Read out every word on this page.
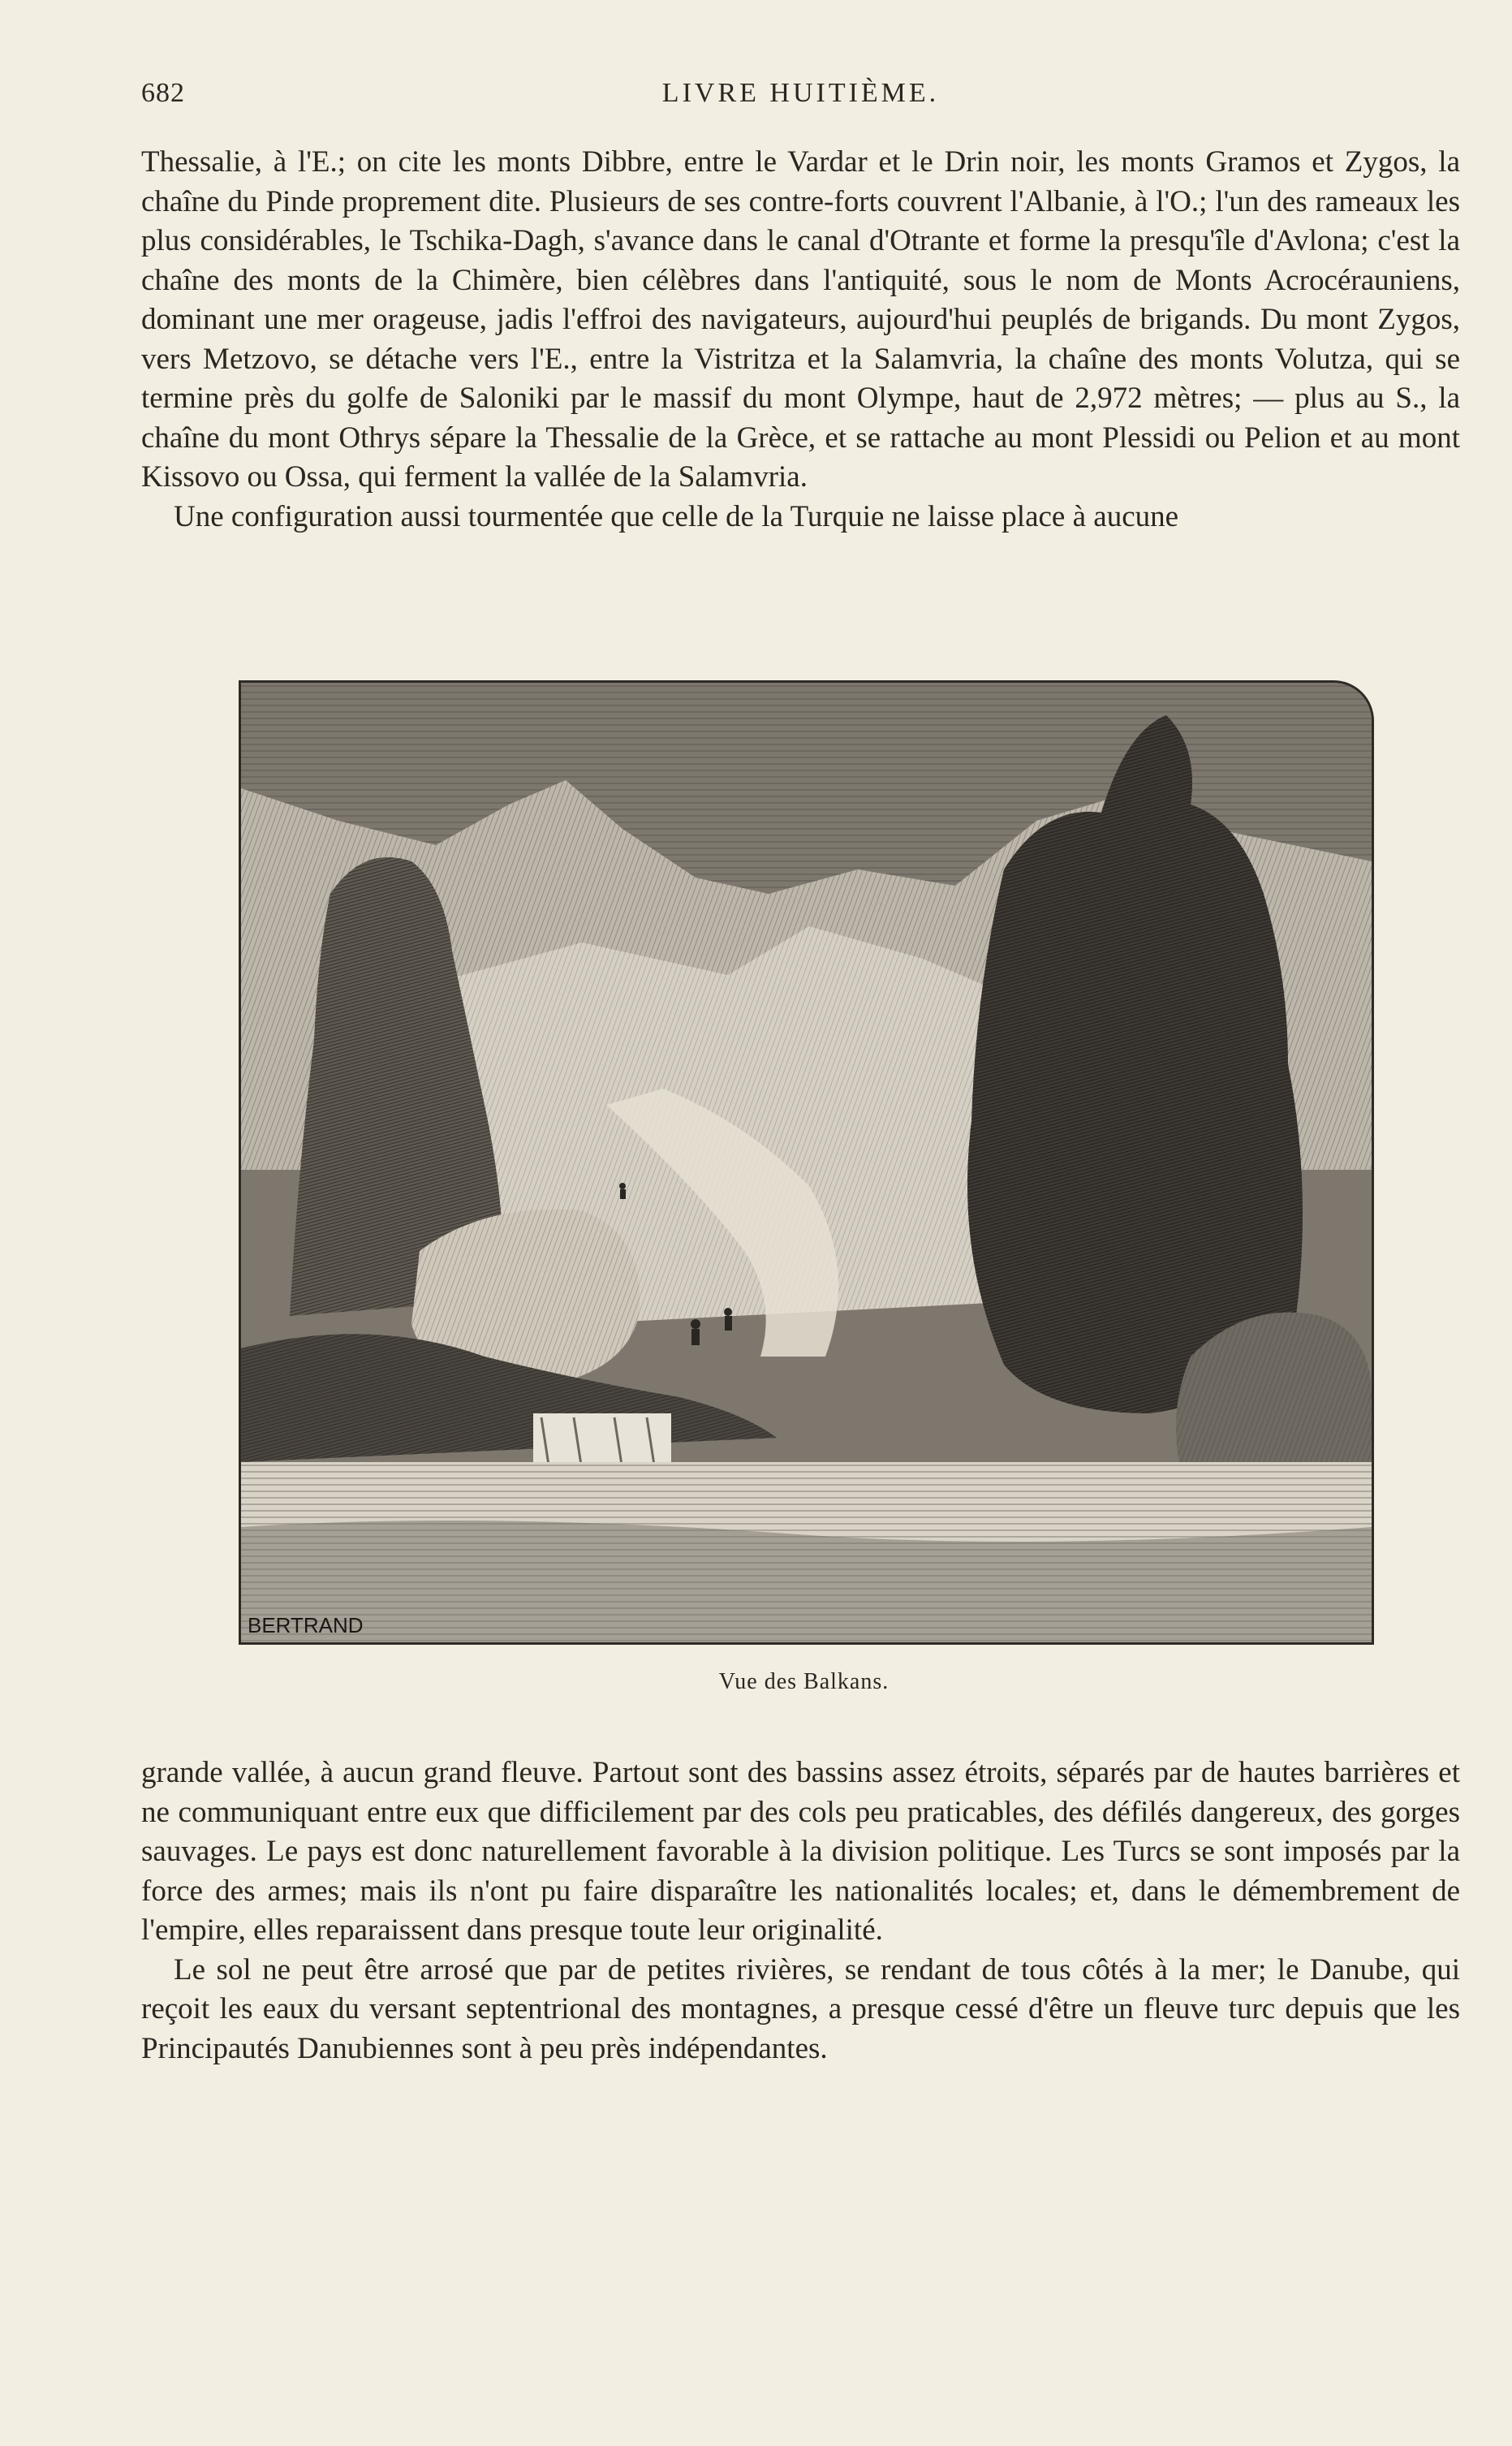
682	LIVRE HUITIÈME.

Thessalie, à l'E.; on cite les monts Dibbre, entre le Vardar et le Drin noir, les monts Gramos et Zygos, la chaîne du Pinde proprement dite. Plusieurs de ses contre-forts couvrent l'Albanie, à l'O.; l'un des rameaux les plus considérables, le Tschika-Dagh, s'avance dans le canal d'Otrante et forme la presqu'île d'Avlona; c'est la chaîne des monts de la Chimère, bien célèbres dans l'antiquité, sous le nom de Monts Acrocérauniens, dominant une mer orageuse, jadis l'effroi des navigateurs, aujourd'hui peuplés de brigands. Du mont Zygos, vers Metzovo, se détache vers l'E., entre la Vistritza et la Salamvria, la chaîne des monts Volutza, qui se termine près du golfe de Saloniki par le massif du mont Olympe, haut de 2,972 mètres; — plus au S., la chaîne du mont Othrys sépare la Thessalie de la Grèce, et se rattache au mont Plessidi ou Pelion et au mont Kissovo ou Ossa, qui ferment la vallée de la Salamvria.

Une configuration aussi tourmentée que celle de la Turquie ne laisse place à aucune

BERTRAND
Vue des Balkans.

grande vallée, à aucun grand fleuve. Partout sont des bassins assez étroits, séparés par de hautes barrières et ne communiquant entre eux que difficilement par des cols peu praticables, des défilés dangereux, des gorges sauvages. Le pays est donc naturellement favorable à la division politique. Les Turcs se sont imposés par la force des armes; mais ils n'ont pu faire disparaître les nationalités locales; et, dans le démembrement de l'empire, elles reparaissent dans presque toute leur originalité.

Le sol ne peut être arrosé que par de petites rivières, se rendant de tous côtés à la mer; le Danube, qui reçoit les eaux du versant septentrional des montagnes, a presque cessé d'être un fleuve turc depuis que les Principautés Danubiennes sont à peu près indépendantes.
